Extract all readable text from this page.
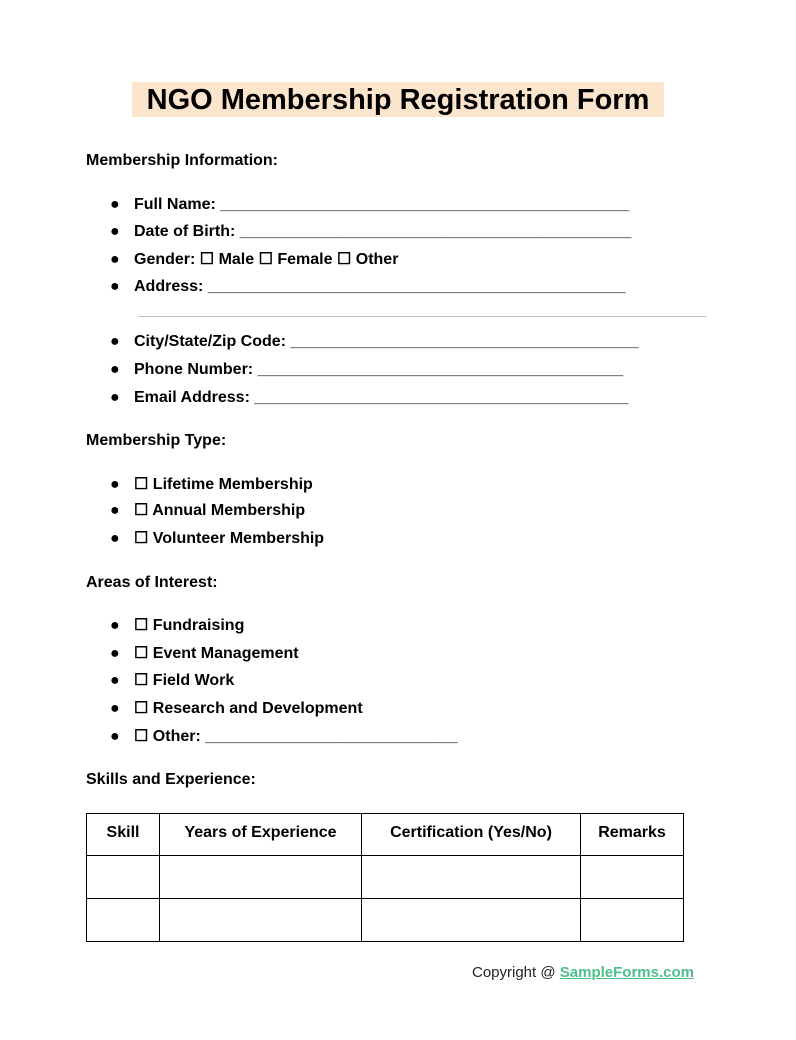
NGO Membership Registration Form
Membership Information:
● Full Name: _______________________________________________
● Date of Birth: _____________________________________________
● Gender: ☐ Male ☐ Female ☐ Other
● Address: ________________________________________________
● City/State/Zip Code: ________________________________________
● Phone Number: __________________________________________
● Email Address: ___________________________________________
Membership Type:
● ☐ Lifetime Membership
● ☐ Annual Membership
● ☐ Volunteer Membership
Areas of Interest:
● ☐ Fundraising
● ☐ Event Management
● ☐ Field Work
● ☐ Research and Development
● ☐ Other: _____________________________
Skills and Experience:
Skill	Years of Experience	Certification (Yes/No)	Remarks

Copyright @ SampleForms.com
